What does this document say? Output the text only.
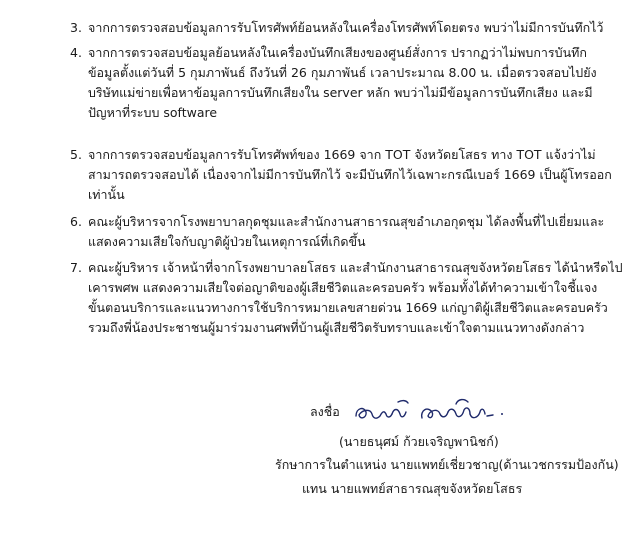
3. จากการตรวจสอบข้อมูลการรับโทรศัพท์ย้อนหลังในเครื่องโทรศัพท์โดยตรง พบว่าไม่มีการบันทึกไว้
4. จากการตรวจสอบข้อมูลย้อนหลังในเครื่องบันทึกเสียงของศูนย์สั่งการ ปรากฏว่าไม่พบการบันทึก
ข้อมูลตั้งแต่วันที่ 5 กุมภาพันธ์ ถึงวันที่ 26 กุมภาพันธ์ เวลาประมาณ 8.00 น. เมื่อตรวจสอบไปยัง
บริษัทแม่ข่ายเพื่อหาข้อมูลการบันทึกเสียงใน server หลัก พบว่าไม่มีข้อมูลการบันทึกเสียง และมี
ปัญหาที่ระบบ software
5. จากการตรวจสอบข้อมูลการรับโทรศัพท์ของ 1669 จาก TOT จังหวัดยโสธร ทาง TOT แจ้งว่าไม่
สามารถตรวจสอบได้ เนื่องจากไม่มีการบันทึกไว้ จะมีบันทึกไว้เฉพาะกรณีเบอร์ 1669 เป็นผู้โทรออก
เท่านั้น
6. คณะผู้บริหารจากโรงพยาบาลกุดชุมและสำนักงานสาธารณสุขอำเภอกุดชุม ได้ลงพื้นที่ไปเยี่ยมและ
แสดงความเสียใจกับญาติผู้ป่วยในเหตุการณ์ที่เกิดขึ้น
7. คณะผู้บริหาร เจ้าหน้าที่จากโรงพยาบาลยโสธร และสำนักงานสาธารณสุขจังหวัดยโสธร ได้นำหรีดไป
เคารพศพ แสดงความเสียใจต่อญาติของผู้เสียชีวิตและครอบครัว พร้อมทั้งได้ทำความเข้าใจชี้แจง
ขั้นตอนบริการและแนวทางการใช้บริการหมายเลขสายด่วน 1669 แก่ญาติผู้เสียชีวิตและครอบครัว
รวมถึงพี่น้องประชาชนผู้มาร่วมงานศพที่บ้านผู้เสียชีวิตรับทราบและเข้าใจตามแนวทางดังกล่าว
ลงชื่อ
(นายธนุศม์ ก้วยเจริญพานิชก์)
รักษาการในตำแหน่ง นายแพทย์เชี่ยวชาญ(ด้านเวชกรรมป้องกัน)
แทน นายแพทย์สาธารณสุขจังหวัดยโสธร
